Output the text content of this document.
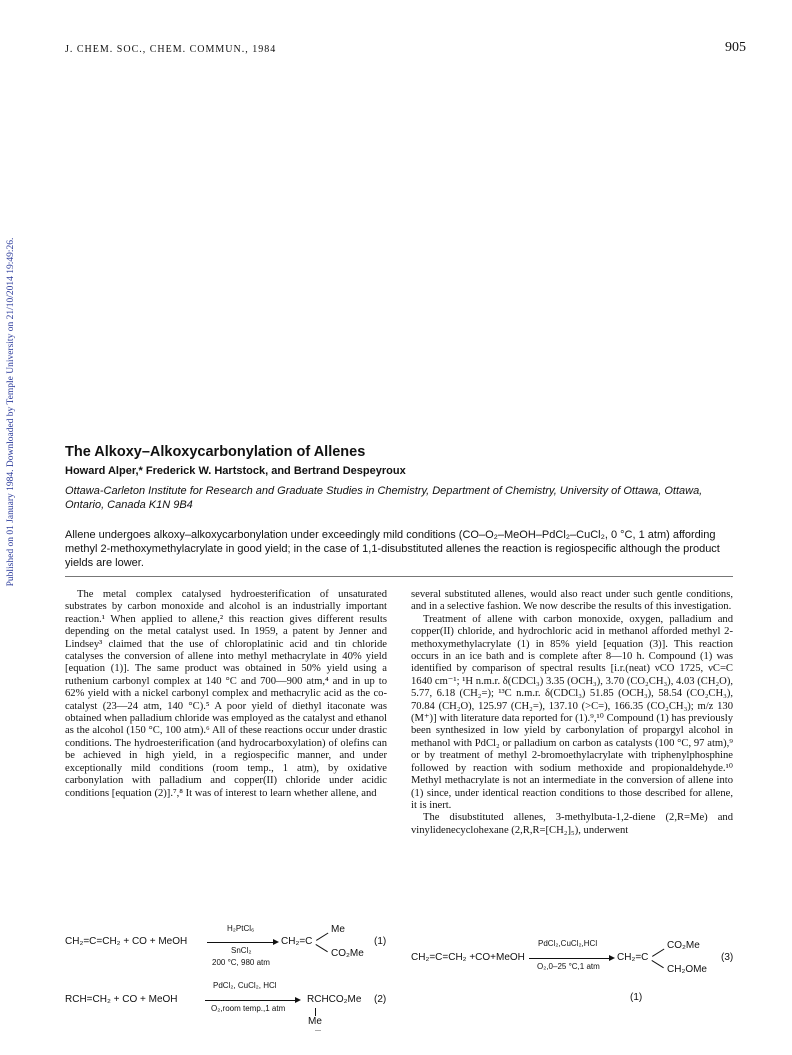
J. CHEM. SOC., CHEM. COMMUN., 1984	905
Published on 01 January 1984. Downloaded by Temple University on 21/10/2014 19:49:26.	The Alkoxy–Alkoxycarbonylation of Allenes
Howard Alper,* Frederick W. Hartstock, and Bertrand Despeyroux
Ottawa-Carleton Institute for Research and Graduate Studies in Chemistry, Department of Chemistry, University of Ottawa, Ottawa, Ontario, Canada K1N 9B4

Allene undergoes alkoxy–alkoxycarbonylation under exceedingly mild conditions (CO–O₂–MeOH–PdCl₂–CuCl₂, 0 °C, 1 atm) affording methyl 2-methoxymethylacrylate in good yield; in the case of 1,1-disubstituted allenes the reaction is regiospecific although the product yields are lower.

The metal complex catalysed hydroesterification of unsaturated substrates by carbon monoxide and alcohol is an industrially important reaction.¹ When applied to allene,² this reaction gives different results depending on the metal catalyst used. In 1959, a patent by Jenner and Lindsey³ claimed that the use of chloroplatinic acid and tin chloride catalyses the conversion of allene into methyl methacrylate in 40% yield [equation (1)]. The same product was obtained in 50% yield using a ruthenium carbonyl complex at 140 °C and 700—900 atm,⁴ and in up to 62% yield with a nickel carbonyl complex and methacrylic acid as the co-catalyst (23—24 atm, 140 °C).⁵ A poor yield of diethyl itaconate was obtained when palladium chloride was employed as the catalyst and ethanol as the alcohol (150 °C, 100 atm).⁶ All of these reactions occur under drastic conditions. The hydroesterification (and hydrocarboxylation) of olefins can be achieved in high yield, in a regiospecific manner, and under exceptionally mild conditions (room temp., 1 atm), by oxidative carbonylation with palladium and copper(II) chloride under acidic conditions [equation (2)].⁷,⁸ It was of interest to learn whether allene, and

several substituted allenes, would also react under such gentle conditions, and in a selective fashion. We now describe the results of this investigation.

Treatment of allene with carbon monoxide, oxygen, palladium and copper(II) chloride, and hydrochloric acid in methanol afforded methyl 2-methoxymethylacrylate (1) in 85% yield [equation (3)]. This reaction occurs in an ice bath and is complete after 8—10 h. Compound (1) was identified by comparison of spectral results [i.r.(neat) νCO 1725, νC=C 1640 cm⁻¹; ¹H n.m.r. δ(CDCl₃) 3.35 (OCH₃), 3.70 (CO₂CH₃), 4.03 (CH₂O), 5.77, 6.18 (CH₂=); ¹³C n.m.r. δ(CDCl₃) 51.85 (OCH₃), 58.54 (CO₂CH₃), 70.84 (CH₂O), 125.97 (CH₂=), 137.10 (>C=), 166.35 (CO₂CH₃); m/z 130 (M⁺)] with literature data reported for (1).⁹,¹⁰ Compound (1) has previously been synthesized in low yield by carbonylation of propargyl alcohol in methanol with PdCl₂ or palladium on carbon as catalysts (100 °C, 97 atm),⁹ or by treatment of methyl 2-bromoethylacrylate with triphenylphosphine followed by reaction with sodium methoxide and propionaldehyde.¹⁰ Methyl methacrylate is not an intermediate in the conversion of allene into (1) since, under identical reaction conditions to those described for allene, it is inert.

The disubstituted allenes, 3-methylbuta-1,2-diene (2,R=Me) and vinylidenecyclohexane (2,R,R=[CH₂]₅), underwent

CH₂=C=CH₂ + CO + MeOH
H₂PtCl₆
SnCl₂
200 °C, 980 atm
CH₂=C
Me
CO₂Me
(1)
RCH=CH₂ + CO + MeOH
PdCl₂, CuCl₂, HCl
O₂,room temp.,1 atm
RCHCO₂Me
Me
(2)
CH₂=C=CH₂ +CO+MeOH
PdCl₂,CuCl₂,HCl
O₂,0–25 °C,1 atm
CH₂=C
CO₂Me
CH₂OMe
(3)
(1)
